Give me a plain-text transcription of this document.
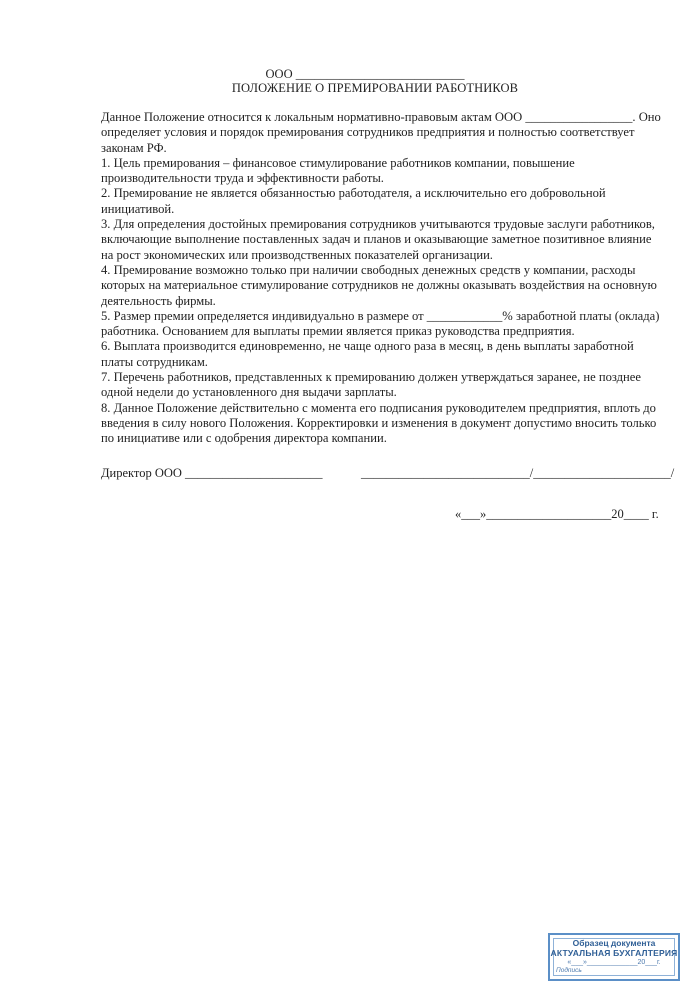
ООО ___________________________
ПОЛОЖЕНИЕ О ПРЕМИРОВАНИИ РАБОТНИКОВ

Данное Положение относится к локальным нормативно-правовым актам ООО _________________. Оно определяет условия и порядок премирования сотрудников предприятия и полностью соответствует законам РФ.

1. Цель премирования – финансовое стимулирование работников компании, повышение производительности труда и эффективности работы.

2. Премирование не является обязанностью работодателя, а исключительно его добровольной инициативой.

3. Для определения достойных премирования сотрудников учитываются трудовые заслуги работников, включающие выполнение поставленных задач и планов и оказывающие заметное позитивное влияние на рост экономических или производственных показателей организации.

4. Премирование возможно только при наличии свободных денежных средств у компании, расходы которых на материальное стимулирование сотрудников не должны оказывать воздействия на основную деятельность фирмы.

5. Размер премии определяется индивидуально в размере от ____________% заработной платы (оклада) работника. Основанием для выплаты премии является приказ руководства предприятия.

6. Выплата производится единовременно, не чаще одного раза в месяц, в день выплаты заработной платы сотрудникам.

7. Перечень работников, представленных к премированию должен утверждаться заранее, не позднее одной недели до установленного дня выдачи зарплаты.

8. Данное Положение действительно с момента его подписания руководителем предприятия, вплоть до введения в силу нового Положения. Корректировки и изменения в документ допустимо вносить только по инициативе или с одобрения директора компании.

Директор ООО ______________________	___________________________/______________________/
«___»____________________20____ г.
Образец документа
АКТУАЛЬНАЯ БУХГАЛТЕРИЯ
«___»_____________20___г.
Подпись
